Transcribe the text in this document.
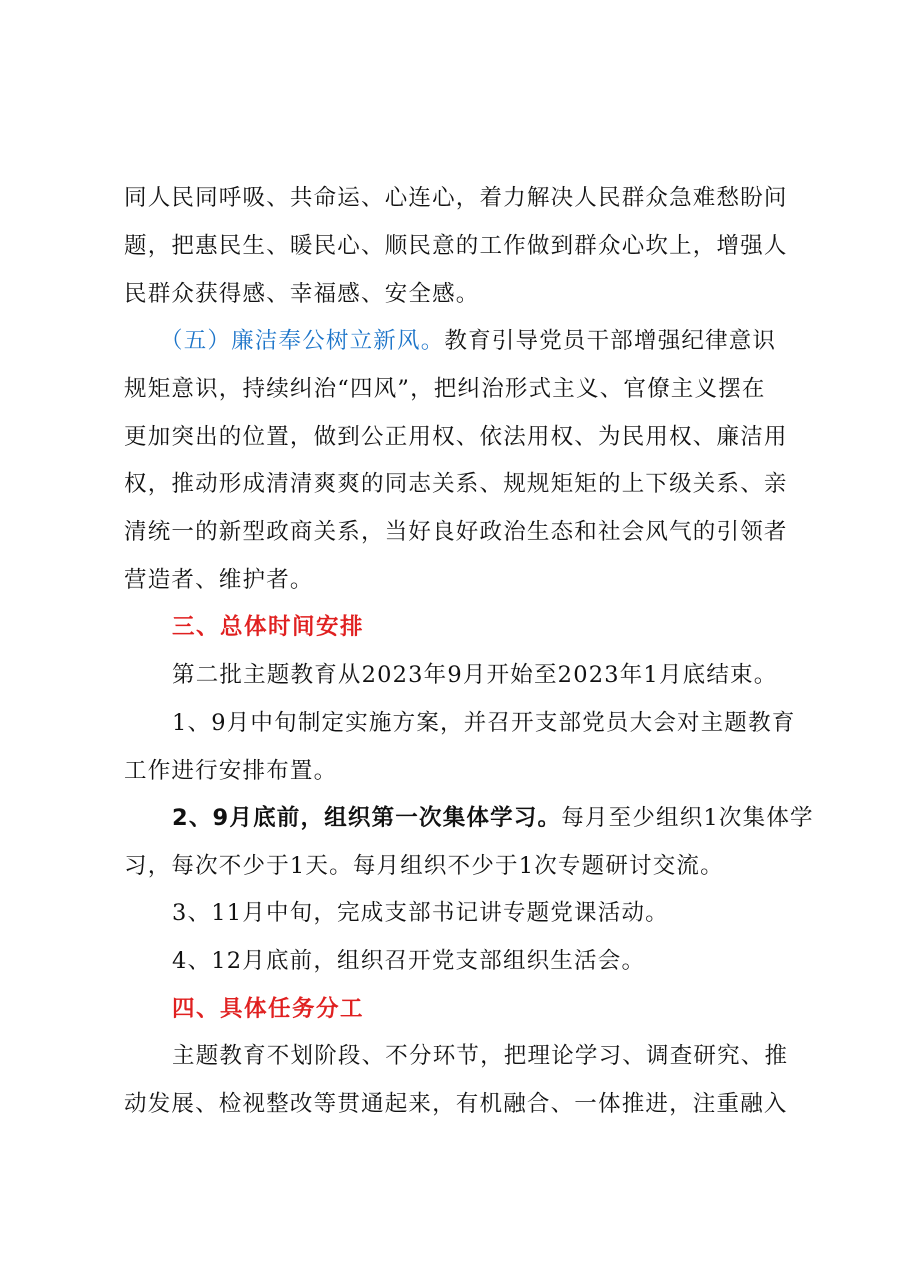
同人民同呼吸、共命运、心连心，着力解决人民群众急难愁盼问
题，把惠民生、暖民心、顺民意的工作做到群众心坎上，增强人
民群众获得感、幸福感、安全感。
（五）廉洁奉公树立新风。教育引导党员干部增强纪律意识
规矩意识，持续纠治“四风”，把纠治形式主义、官僚主义摆在
更加突出的位置，做到公正用权、依法用权、为民用权、廉洁用
权，推动形成清清爽爽的同志关系、规规矩矩的上下级关系、亲
清统一的新型政商关系，当好良好政治生态和社会风气的引领者
营造者、维护者。
三、总体时间安排
第二批主题教育从2023年9月开始至2023年1月底结束。
1、9月中旬制定实施方案，并召开支部党员大会对主题教育
工作进行安排布置。
2、9月底前，组织第一次集体学习。每月至少组织1次集体学
习，每次不少于1天。每月组织不少于1次专题研讨交流。
3、11月中旬，完成支部书记讲专题党课活动。
4、12月底前，组织召开党支部组织生活会。
四、具体任务分工
主题教育不划阶段、不分环节，把理论学习、调查研究、推
动发展、检视整改等贯通起来，有机融合、一体推进，注重融入
